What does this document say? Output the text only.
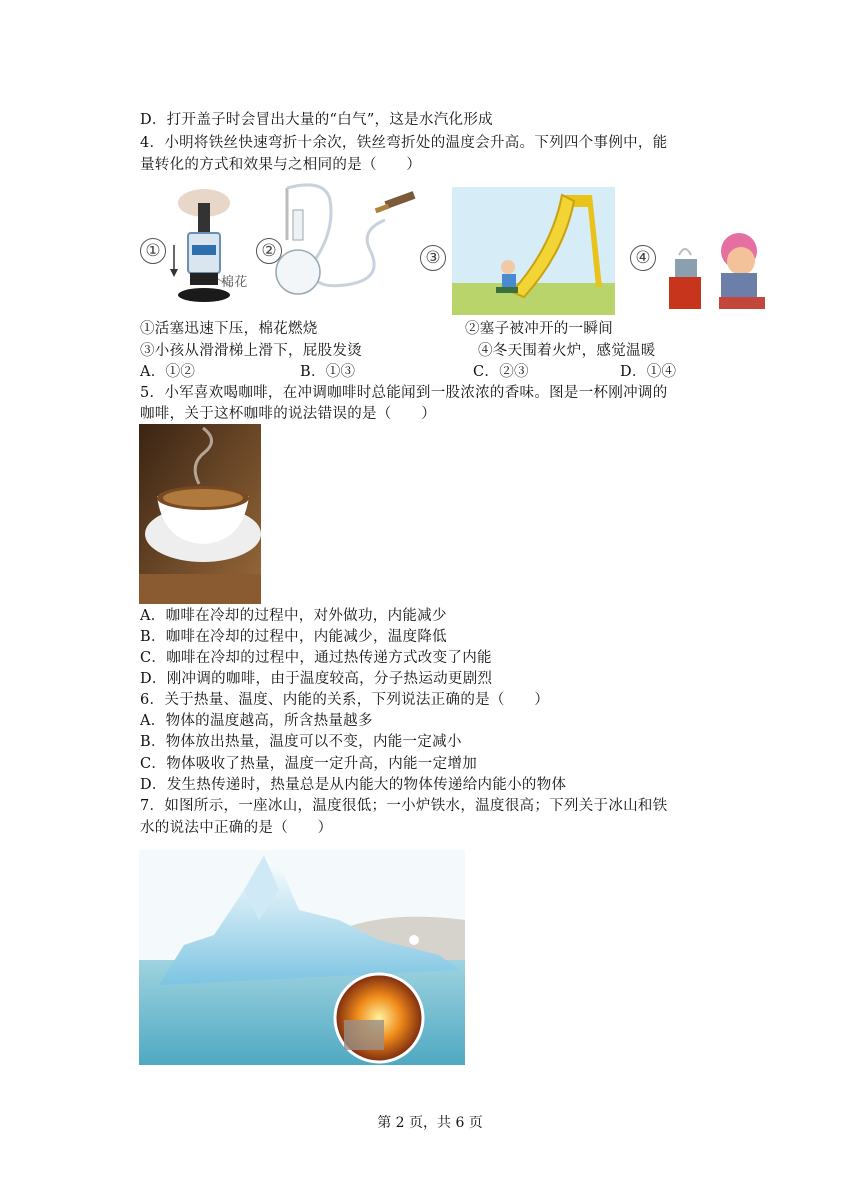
D．打开盖子时会冒出大量的“白气”，这是水汽化形成
4．小明将铁丝快速弯折十余次，铁丝弯折处的温度会升高。下列四个事例中，能
量转化的方式和效果与之相同的是（　　）
①
棉花
②	③	④
①活塞迅速下压，棉花燃烧	②塞子被冲开的一瞬间
③小孩从滑滑梯上滑下，屁股发烫	④冬天围着火炉，感觉温暖
A．①②	B．①③	C．②③	D．①④
5．小军喜欢喝咖啡，在冲调咖啡时总能闻到一股浓浓的香味。图是一杯刚冲调的
咖啡，关于这杯咖啡的说法错误的是（　　）
A．咖啡在冷却的过程中，对外做功，内能减少
B．咖啡在冷却的过程中，内能减少，温度降低
C．咖啡在冷却的过程中，通过热传递方式改变了内能
D．刚冲调的咖啡，由于温度较高，分子热运动更剧烈
6．关于热量、温度、内能的关系，下列说法正确的是（　　）
A．物体的温度越高，所含热量越多
B．物体放出热量，温度可以不变，内能一定减小
C．物体吸收了热量，温度一定升高，内能一定增加
D．发生热传递时，热量总是从内能大的物体传递给内能小的物体
7．如图所示，一座冰山，温度很低；一小炉铁水，温度很高；下列关于冰山和铁
水的说法中正确的是（　　）
第 2 页，共 6 页
